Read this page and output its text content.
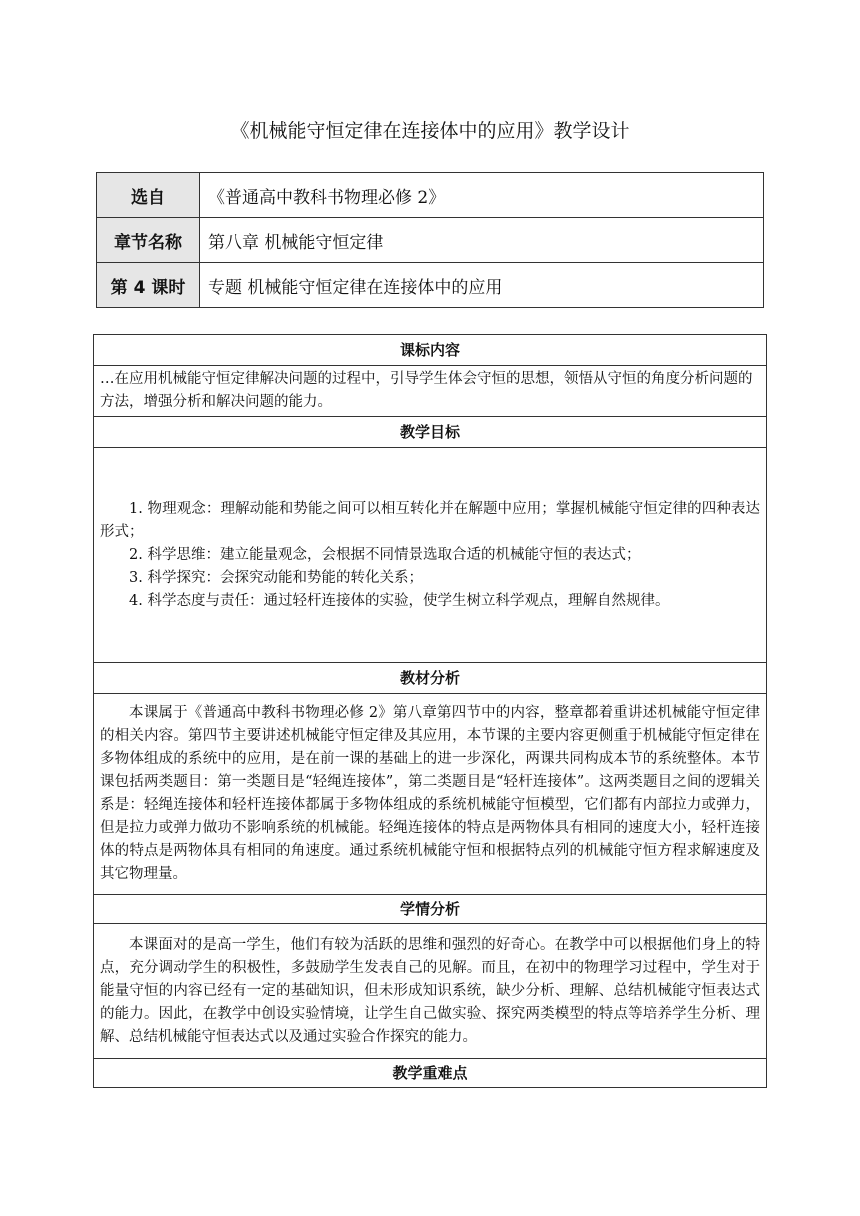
《机械能守恒定律在连接体中的应用》教学设计
选自	《普通高中教科书物理必修 2》
章节名称	第八章 机械能守恒定律
第 4 课时	专题 机械能守恒定律在连接体中的应用
课标内容
…在应用机械能守恒定律解决问题的过程中，引导学生体会守恒的思想，领悟从守恒的角度分析问题的方法，增强分析和解决问题的能力。
教学目标

1. 物理观念：理解动能和势能之间可以相互转化并在解题中应用；掌握机械能守恒定律的四种表达形式；

2. 科学思维：建立能量观念，会根据不同情景选取合适的机械能守恒的表达式；

3. 科学探究：会探究动能和势能的转化关系；

4. 科学态度与责任：通过轻杆连接体的实验，使学生树立科学观点，理解自然规律。

教材分析
本课属于《普通高中教科书物理必修 2》第八章第四节中的内容，整章都着重讲述机械能守恒定律的相关内容。第四节主要讲述机械能守恒定律及其应用，本节课的主要内容更侧重于机械能守恒定律在多物体组成的系统中的应用，是在前一课的基础上的进一步深化，两课共同构成本节的系统整体。本节课包括两类题目：第一类题目是“轻绳连接体”，第二类题目是“轻杆连接体”。这两类题目之间的逻辑关系是：轻绳连接体和轻杆连接体都属于多物体组成的系统机械能守恒模型，它们都有内部拉力或弹力，但是拉力或弹力做功不影响系统的机械能。轻绳连接体的特点是两物体具有相同的速度大小，轻杆连接体的特点是两物体具有相同的角速度。通过系统机械能守恒和根据特点列的机械能守恒方程求解速度及其它物理量。
学情分析
本课面对的是高一学生，他们有较为活跃的思维和强烈的好奇心。在教学中可以根据他们身上的特点，充分调动学生的积极性，多鼓励学生发表自己的见解。而且，在初中的物理学习过程中，学生对于能量守恒的内容已经有一定的基础知识，但未形成知识系统，缺少分析、理解、总结机械能守恒表达式的能力。因此，在教学中创设实验情境，让学生自己做实验、探究两类模型的特点等培养学生分析、理解、总结机械能守恒表达式以及通过实验合作探究的能力。
教学重难点
